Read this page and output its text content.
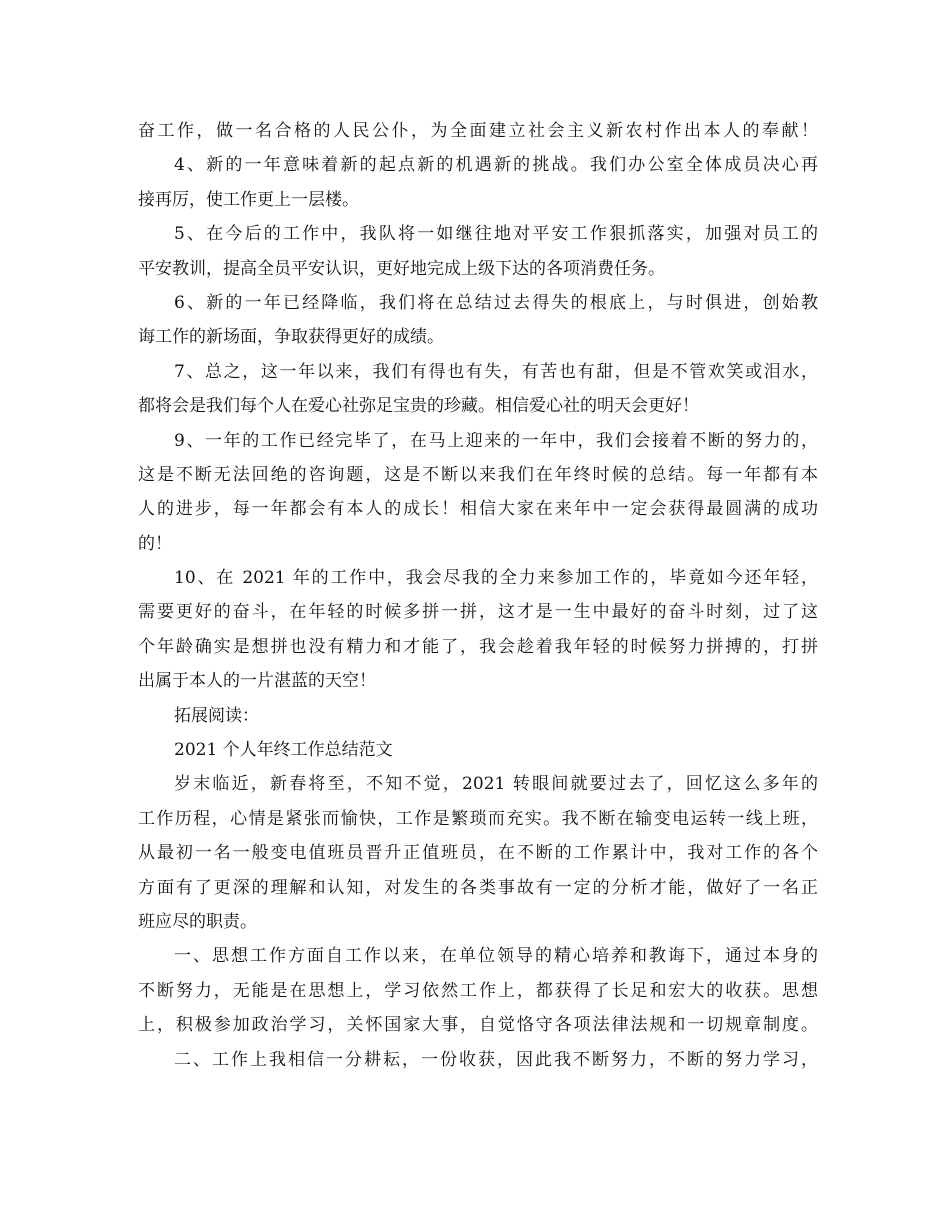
奋工作，做一名合格的人民公仆，为全面建立社会主义新农村作出本人的奉献！
4、新的一年意味着新的起点新的机遇新的挑战。我们办公室全体成员决心再
接再厉，使工作更上一层楼。
5、在今后的工作中，我队将一如继往地对平安工作狠抓落实，加强对员工的
平安教训，提高全员平安认识，更好地完成上级下达的各项消费任务。
6、新的一年已经降临，我们将在总结过去得失的根底上，与时俱进，创始教
诲工作的新场面，争取获得更好的成绩。
7、总之，这一年以来，我们有得也有失，有苦也有甜，但是不管欢笑或泪水，
都将会是我们每个人在爱心社弥足宝贵的珍藏。相信爱心社的明天会更好！
9、一年的工作已经完毕了，在马上迎来的一年中，我们会接着不断的努力的，
这是不断无法回绝的咨询题，这是不断以来我们在年终时候的总结。每一年都有本
人的进步，每一年都会有本人的成长！相信大家在来年中一定会获得最圆满的成功
的！
10、在 2021 年的工作中，我会尽我的全力来参加工作的，毕竟如今还年轻，
需要更好的奋斗，在年轻的时候多拼一拼，这才是一生中最好的奋斗时刻，过了这
个年龄确实是想拼也没有精力和才能了，我会趁着我年轻的时候努力拼搏的，打拼
出属于本人的一片湛蓝的天空！
拓展阅读：
2021 个人年终工作总结范文
岁末临近，新春将至，不知不觉，2021 转眼间就要过去了，回忆这么多年的
工作历程，心情是紧张而愉快，工作是繁琐而充实。我不断在输变电运转一线上班，
从最初一名一般变电值班员晋升正值班员，在不断的工作累计中，我对工作的各个
方面有了更深的理解和认知，对发生的各类事故有一定的分析才能，做好了一名正
班应尽的职责。
一、思想工作方面自工作以来，在单位领导的精心培养和教诲下，通过本身的
不断努力，无能是在思想上，学习依然工作上，都获得了长足和宏大的收获。思想
上，积极参加政治学习，关怀国家大事，自觉恪守各项法律法规和一切规章制度。
二、工作上我相信一分耕耘，一份收获，因此我不断努力，不断的努力学习，
